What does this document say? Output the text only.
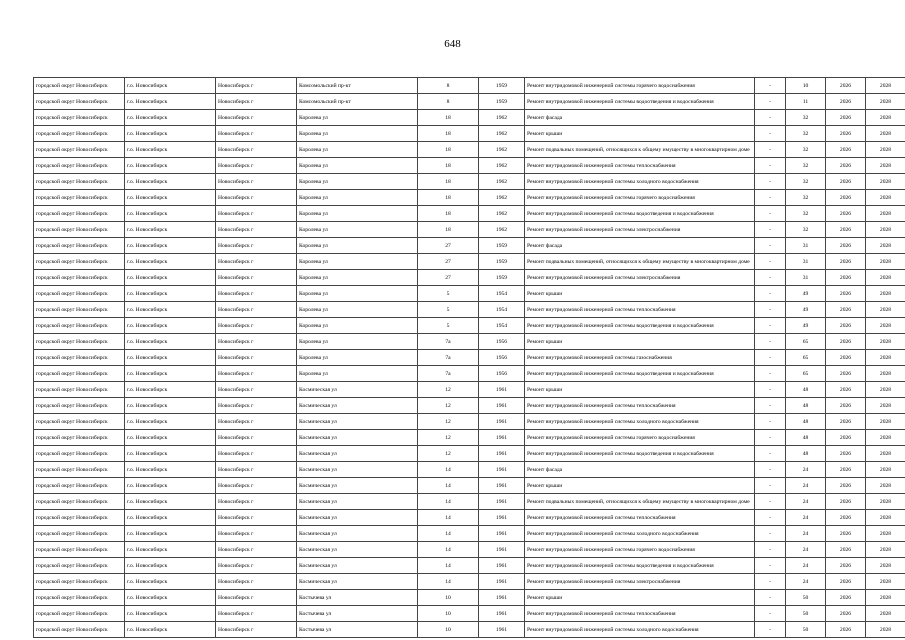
648
городской округ Новосибирск	г.о. Новосибирск	Новосибирск г	Комсомольский пр-кт	8	1959	Ремонт внутридомовой инженерной системы горячего водоснабжения	-	10	2026	2028
городской округ Новосибирск	г.о. Новосибирск	Новосибирск г	Комсомольский пр-кт	8	1959	Ремонт внутридомовой инженерной системы водоотведения и водоснабжения	-	11	2026	2028
городской округ Новосибирск	г.о. Новосибирск	Новосибирск г	Королева ул	18	1962	Ремонт фасада	-	32	2026	2028
городской округ Новосибирск	г.о. Новосибирск	Новосибирск г	Королева ул	18	1962	Ремонт крыши	-	32	2026	2028
городской округ Новосибирск	г.о. Новосибирск	Новосибирск г	Королева ул	18	1962	Ремонт подвальных помещений, относящихся к общему имуществу в многоквартирном доме	-	32	2026	2028
городской округ Новосибирск	г.о. Новосибирск	Новосибирск г	Королева ул	18	1962	Ремонт внутридомовой инженерной системы теплоснабжения	-	32	2026	2028
городской округ Новосибирск	г.о. Новосибирск	Новосибирск г	Королева ул	18	1962	Ремонт внутридомовой инженерной системы холодного водоснабжения	-	32	2026	2028
городской округ Новосибирск	г.о. Новосибирск	Новосибирск г	Королева ул	18	1962	Ремонт внутридомовой инженерной системы горячего водоснабжения	-	32	2026	2028
городской округ Новосибирск	г.о. Новосибирск	Новосибирск г	Королева ул	18	1962	Ремонт внутридомовой инженерной системы водоотведения и водоснабжения	-	32	2026	2028
городской округ Новосибирск	г.о. Новосибирск	Новосибирск г	Королева ул	18	1962	Ремонт внутридомовой инженерной системы электроснабжения	-	32	2026	2028
городской округ Новосибирск	г.о. Новосибирск	Новосибирск г	Королева ул	27	1959	Ремонт фасада	-	31	2026	2028
городской округ Новосибирск	г.о. Новосибирск	Новосибирск г	Королева ул	27	1959	Ремонт подвальных помещений, относящихся к общему имуществу в многоквартирном доме	-	31	2026	2028
городской округ Новосибирск	г.о. Новосибирск	Новосибирск г	Королева ул	27	1959	Ремонт внутридомовой инженерной системы электроснабжения	-	31	2026	2028
городской округ Новосибирск	г.о. Новосибирск	Новосибирск г	Королева ул	5	1954	Ремонт крыши	-	49	2026	2028
городской округ Новосибирск	г.о. Новосибирск	Новосибирск г	Королева ул	5	1954	Ремонт внутридомовой инженерной системы теплоснабжения	-	49	2026	2028
городской округ Новосибирск	г.о. Новосибирск	Новосибирск г	Королева ул	5	1954	Ремонт внутридомовой инженерной системы водоотведения и водоснабжения	-	49	2026	2028
городской округ Новосибирск	г.о. Новосибирск	Новосибирск г	Королева ул	7а	1956	Ремонт крыши	-	65	2026	2028
городской округ Новосибирск	г.о. Новосибирск	Новосибирск г	Королева ул	7а	1956	Ремонт внутридомовой инженерной системы газоснабжения	-	65	2026	2028
городской округ Новосибирск	г.о. Новосибирск	Новосибирск г	Королева ул	7а	1956	Ремонт внутридомовой инженерной системы водоотведения и водоснабжения	-	65	2026	2028
городской округ Новосибирск	г.о. Новосибирск	Новосибирск г	Космическая ул	12	1961	Ремонт крыши	-	48	2026	2028
городской округ Новосибирск	г.о. Новосибирск	Новосибирск г	Космическая ул	12	1961	Ремонт внутридомовой инженерной системы теплоснабжения	-	48	2026	2028
городской округ Новосибирск	г.о. Новосибирск	Новосибирск г	Космическая ул	12	1961	Ремонт внутридомовой инженерной системы холодного водоснабжения	-	48	2026	2028
городской округ Новосибирск	г.о. Новосибирск	Новосибирск г	Космическая ул	12	1961	Ремонт внутридомовой инженерной системы горячего водоснабжения	-	48	2026	2028
городской округ Новосибирск	г.о. Новосибирск	Новосибирск г	Космическая ул	12	1961	Ремонт внутридомовой инженерной системы водоотведения и водоснабжения	-	48	2026	2028
городской округ Новосибирск	г.о. Новосибирск	Новосибирск г	Космическая ул	14	1961	Ремонт фасада	-	24	2026	2028
городской округ Новосибирск	г.о. Новосибирск	Новосибирск г	Космическая ул	14	1961	Ремонт крыши	-	24	2026	2028
городской округ Новосибирск	г.о. Новосибирск	Новосибирск г	Космическая ул	14	1961	Ремонт подвальных помещений, относящихся к общему имуществу в многоквартирном доме	-	24	2026	2028
городской округ Новосибирск	г.о. Новосибирск	Новосибирск г	Космическая ул	14	1961	Ремонт внутридомовой инженерной системы теплоснабжения	-	24	2026	2028
городской округ Новосибирск	г.о. Новосибирск	Новосибирск г	Космическая ул	14	1961	Ремонт внутридомовой инженерной системы холодного водоснабжения	-	24	2026	2028
городской округ Новосибирск	г.о. Новосибирск	Новосибирск г	Космическая ул	14	1961	Ремонт внутридомовой инженерной системы горячего водоснабжения	-	24	2026	2028
городской округ Новосибирск	г.о. Новосибирск	Новосибирск г	Космическая ул	14	1961	Ремонт внутридомовой инженерной системы водоотведения и водоснабжения	-	24	2026	2028
городской округ Новосибирск	г.о. Новосибирск	Новосибирск г	Космическая ул	14	1961	Ремонт внутридомовой инженерной системы электроснабжения	-	24	2026	2028
городской округ Новосибирск	г.о. Новосибирск	Новосибирск г	Костычева ул	10	1961	Ремонт крыши	-	50	2026	2028
городской округ Новосибирск	г.о. Новосибирск	Новосибирск г	Костычева ул	10	1961	Ремонт внутридомовой инженерной системы теплоснабжения	-	50	2026	2028
городской округ Новосибирск	г.о. Новосибирск	Новосибирск г	Костычева ул	10	1961	Ремонт внутридомовой инженерной системы холодного водоснабжения	-	50	2026	2028
